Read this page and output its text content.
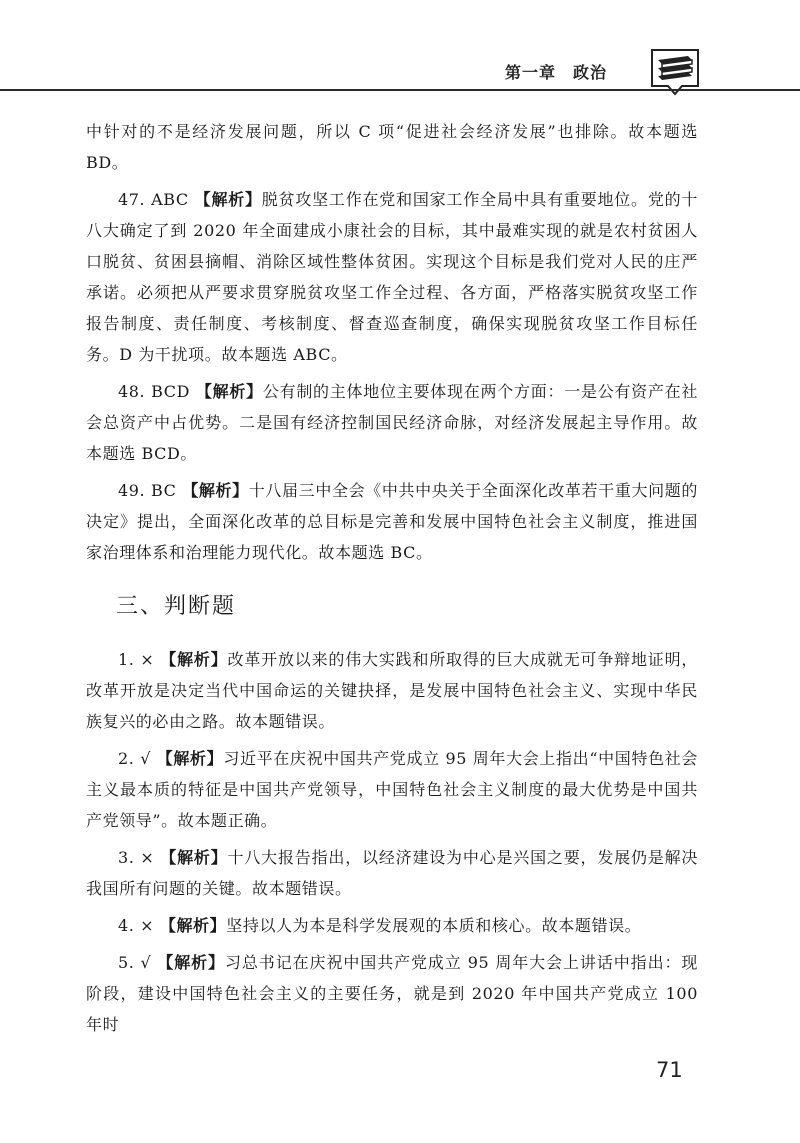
第一章　政治

中针对的不是经济发展问题，所以 C 项“促进社会经济发展”也排除。故本题选 BD。

47. ABC 【解析】脱贫攻坚工作在党和国家工作全局中具有重要地位。党的十八大确定了到 2020 年全面建成小康社会的目标，其中最难实现的就是农村贫困人口脱贫、贫困县摘帽、消除区域性整体贫困。实现这个目标是我们党对人民的庄严承诺。必须把从严要求贯穿脱贫攻坚工作全过程、各方面，严格落实脱贫攻坚工作报告制度、责任制度、考核制度、督查巡查制度，确保实现脱贫攻坚工作目标任务。D 为干扰项。故本题选 ABC。

48. BCD 【解析】公有制的主体地位主要体现在两个方面：一是公有资产在社会总资产中占优势。二是国有经济控制国民经济命脉，对经济发展起主导作用。故本题选 BCD。

49. BC 【解析】十八届三中全会《中共中央关于全面深化改革若干重大问题的决定》提出，全面深化改革的总目标是完善和发展中国特色社会主义制度，推进国家治理体系和治理能力现代化。故本题选 BC。

三、判断题

1. × 【解析】改革开放以来的伟大实践和所取得的巨大成就无可争辩地证明，改革开放是决定当代中国命运的关键抉择，是发展中国特色社会主义、实现中华民族复兴的必由之路。故本题错误。

2. √ 【解析】习近平在庆祝中国共产党成立 95 周年大会上指出“中国特色社会主义最本质的特征是中国共产党领导，中国特色社会主义制度的最大优势是中国共产党领导”。故本题正确。

3. × 【解析】十八大报告指出，以经济建设为中心是兴国之要，发展仍是解决我国所有问题的关键。故本题错误。

4. × 【解析】坚持以人为本是科学发展观的本质和核心。故本题错误。

5. √ 【解析】习总书记在庆祝中国共产党成立 95 周年大会上讲话中指出：现阶段，建设中国特色社会主义的主要任务，就是到 2020 年中国共产党成立 100 年时

71
